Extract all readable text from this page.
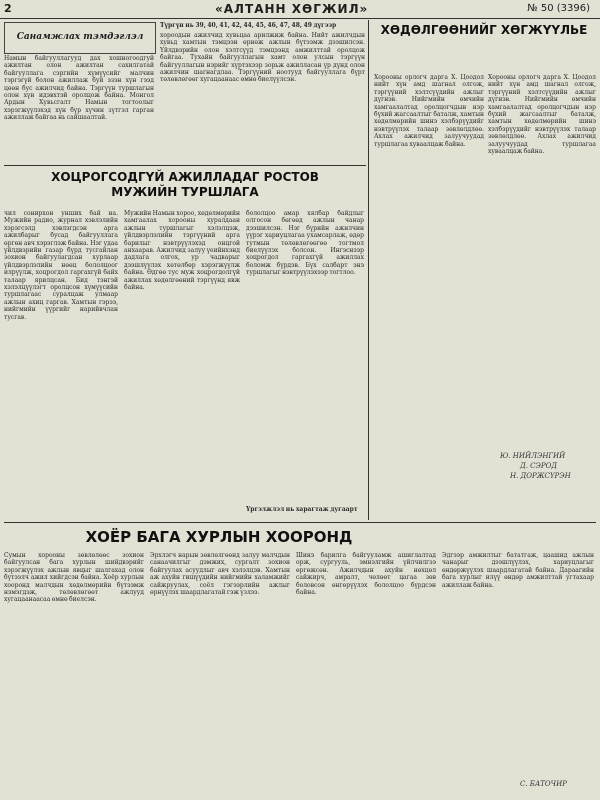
2	«АЛТАНН ХӨГЖИЛ»	№ 50 (3396)
Санамжлах тэмдэглэл
Намын байгууллагууд дах хошногоодгуй ажилтан олон ажилтан сахилгатай байгууллага сэргийн хүмүүсийг малчин тэргэгүй болон ажиллаж буй эзэн хүн гээд цөөн бус ажилчид байна. Тэргүүн туршлагын олон хүн идэвхтэй оролцож байна. Монгол Ардын Хувьсгалт Намын тогтоолыг хэрэгжүүлэхэд хүн бүр хүчин зүтгэл гарган ажиллаж байгаа нь сайшаалтай.
Түргүн нь 39, 40, 41, 42, 44, 45, 46, 47, 48, 49 дүгээр
хороодын ажилчид хувьцаа арилжиж байна. Нийт ажилчдын хувьд хамтын тэмцээн өрнөж ажлын бүтээмж дээшилсэн. Үйлдвэрийн олон хэлтсүүд тэмцээнд амжилттай оролцож байгаа. Тухайн байгууллагын хамт олон улсын тэргүүн байгууллагын нэрийг хүртэхээр зорьж ажилласан үр дүнд олон ажилчин шагнагдлаа. Тэргүүний ноотууд байгууллага бүрт төлөвлөгөөг хугацаанаас өмнө биелүүлсэн.
ХӨДӨЛГӨӨНИЙГ ХӨГЖҮҮЛЬЕ
Хорооны орлогч дарга Х. Цоодол нийт хүн амд шагнал олгож, тэргүүний хэлтсүүдийн ажлыг дүгнэв. Нийгмийн өмчийн хамгаалалтад оролцогчдын нэр бүхий жагсаалтыг баталж, хамтын хөдөлмөрийн шинэ хэлбэрүүдийг нэвтрүүлэх талаар зөвлөлдлөө. Ахлах ажилчид залуучуудад туршлагаа хуваалцаж байна.
Хорооны орлогч дарга Х. Цоодол нийт хүн амд шагнал олгож, тэргүүний хэлтсүүдийн ажлыг дүгнэв. Нийгмийн өмчийн хамгаалалтад оролцогчдын нэр бүхий жагсаалтыг баталж, хамтын хөдөлмөрийн шинэ хэлбэрүүдийг нэвтрүүлэх талаар зөвлөлдлөө. Ахлах ажилчид залуучуудад туршлагаа хуваалцаж байна.
Ю. НИЙЛЭНГИЙ
ХОЦРОГСОДГҮЙ АЖИЛЛАДАГ РОСТОВ
МУЖИЙН ТУРШЛАГА
чил сонирхон унших бай на. Мужийн радио, журнал хэвлэлийн хэрэгсэлд хэвлэгдсэн арга ажилбарыг бусад байгууллага өргөн авч хэрэглэж байна. Нэг удаа үйлдвэрийн газар бүрд тусгайлан зохион байгуулагдсан хурлаар үйлдвэрлэлийн нөөц бололцоог илрүүлж, хоцрогдол гаргахгүй байх талаар ярилцсан. Бид тэнгэй хэлэлцүүлэгт оролцсон хүмүүсийн туршлагаас суралцаж улмаар ажлын ахиц гаргав. Хамтын гэрээ, нийгмийн үүргийг нарийвчлан тусгав.
Мужийн Намын хороо, хөдөлмөрийн хамгаалах хорооны хуралдаан ажлын туршлагыг хэлэлцэж, үйлдвэрлэлийн тэргүүний арга барилыг нэвтрүүлэхэд онцгой анхаарав. Ажилчид залуу үеийнхэнд дадлага олгох, ур чадварыг дээшлүүлэх хөтөлбөр хэрэгжүүлж байна. Өдгөө тус муж хоцрогдолгүй ажиллах хөдөлгөөний тэргүүнд явж байна.
бололцоо амар хялбар байдлыг олгосон бөгөөд ажлын чанар дээшилсэн. Нэг бүрийн ажилчин үүрэг хариуцлагаа ухамсарлаж, өдөр тутмын төлөвлөгөөгөө тогтмол биелүүлэх болсон. Ингэснээр хоцрогдол гаргахгүй ажиллах боломж бүрдэв. Бүх салбарт энэ туршлагыг нэвтрүүлэхээр тогтлоо.
Үргэлжлэл нь харагтаж дугаарт
ХОЁР БАГА ХУРЛЫН ХООРОНД
Сумын хорооны зөвлөлөөс зохион байгуулсан бага хурлын шийдвэрийг хэрэгжүүлэх ажлын явцыг шалгахад олон бүтээлч ажил хийгдсэн байна. Хоёр хурлын хооронд малчдын хөдөлмөрийн бүтээмж нэмэгдэж, төлөвлөгөөт ажлууд хугацаанаасаа өмнө биелсэн.
Эрхлэгч нарын зөвлөлгөөнд залуу малчдын санаачилгыг дэмжих, сургалт зохион байгуулах асуудлыг авч хэлэлцэв. Хамтын аж ахуйн гишүүдийн нийгмийн халамжийг сайжруулах, соёл гэгээрлийн ажлыг өрнүүлэх шаардлагатай гэж үзлээ.
Шинэ барилга байгууламж ашиглалтад орж, сургууль, эмнэлгийн үйлчилгээ өргөжсөн. Ажилчдын ахуйн нөхцөл сайжирч, амралт, чөлөөт цагаа зөв боловсон өнгөрүүлэх бололцоо бүрдсэн байна.
Эдгээр амжилтыг бататгаж, цаашид ажлын чанарыг дээшлүүлэх, хариуцлагыг өндөржүүлэх шаардлагатай байна. Дараагийн бага хурлыг илүү өндөр амжилттай угтахаар ажиллаж байна.
С. БАТОЧИР
Д. СЭРОД
Н. ДОРЖСҮРЭН
